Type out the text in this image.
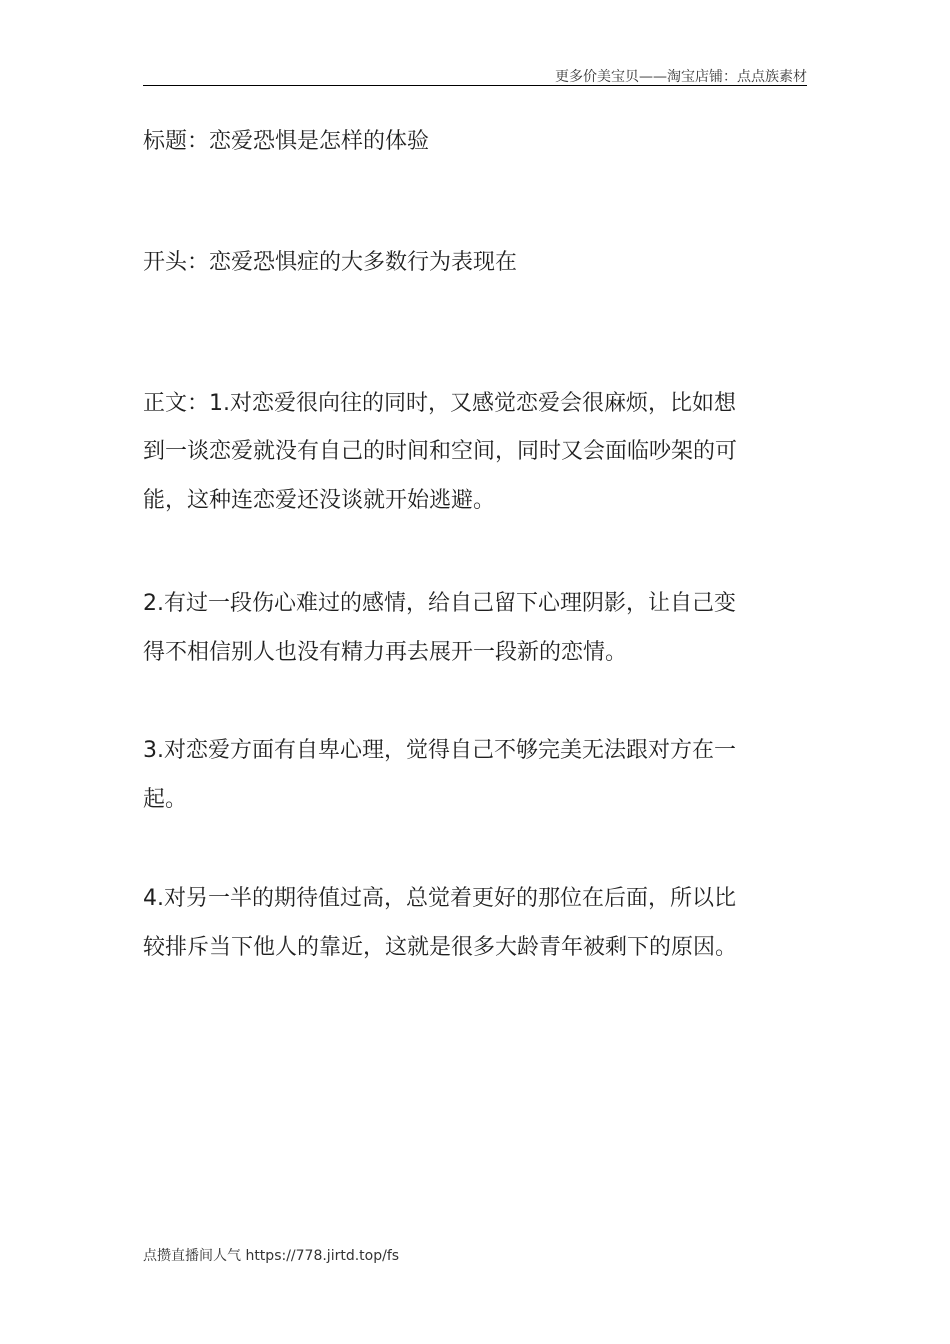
更多价美宝贝——淘宝店铺：点点族素材
标题：恋爱恐惧是怎样的体验
开头：恋爱恐惧症的大多数行为表现在
正文：1.对恋爱很向往的同时，又感觉恋爱会很麻烦，比如想
到一谈恋爱就没有自己的时间和空间，同时又会面临吵架的可
能，这种连恋爱还没谈就开始逃避。
2.有过一段伤心难过的感情，给自己留下心理阴影，让自己变
得不相信别人也没有精力再去展开一段新的恋情。
3.对恋爱方面有自卑心理，觉得自己不够完美无法跟对方在一
起。
4.对另一半的期待值过高，总觉着更好的那位在后面，所以比
较排斥当下他人的靠近，这就是很多大龄青年被剩下的原因。
点攒直播间人气 https://778.jirtd.top/fs
